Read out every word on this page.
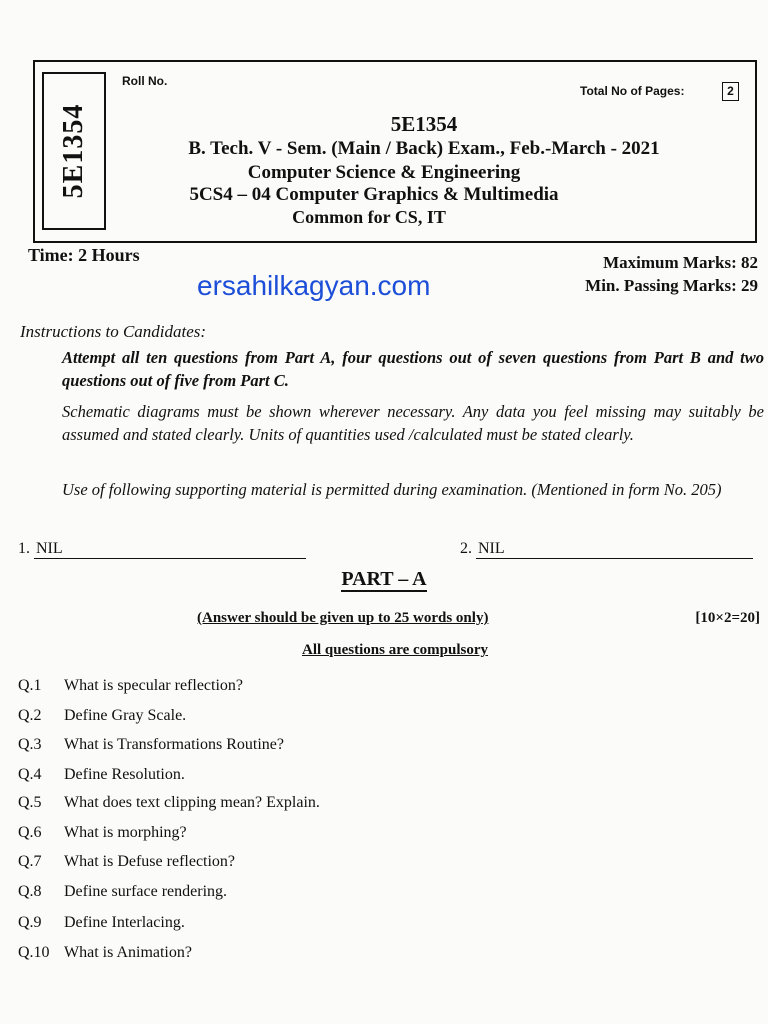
5E1354
Roll No.
Total No of Pages:	2
5E1354
B. Tech. V - Sem. (Main / Back) Exam., Feb.-March - 2021
Computer Science & Engineering
5CS4 – 04 Computer Graphics & Multimedia
Common for CS, IT
Time: 2 Hours
ersahilkagyan.com
Maximum Marks: 82
Min. Passing Marks: 29
Instructions to Candidates:
Attempt all ten questions from Part A, four questions out of seven questions from Part B and two questions out of five from Part C.
Schematic diagrams must be shown wherever necessary. Any data you feel missing may suitably be assumed and stated clearly. Units of quantities used /calculated must be stated clearly.
Use of following supporting material is permitted during examination. (Mentioned in form No. 205)
1. NIL	2. NIL
PART – A
(Answer should be given up to 25 words only)	[10×2=20]
All questions are compulsory
Q.1 What is specular reflection?
Q.2 Define Gray Scale.
Q.3 What is Transformations Routine?
Q.4 Define Resolution.
Q.5 What does text clipping mean? Explain.
Q.6 What is morphing?
Q.7 What is Defuse reflection?
Q.8 Define surface rendering.
Q.9 Define Interlacing.
Q.10 What is Animation?
